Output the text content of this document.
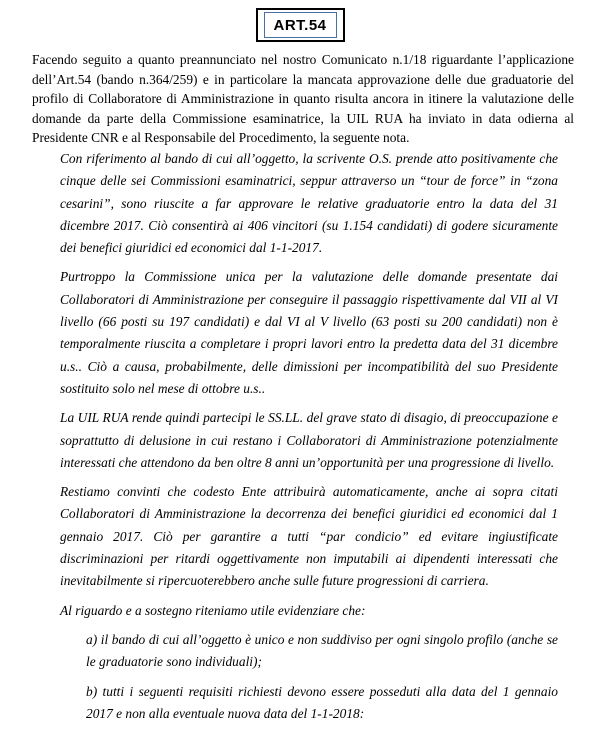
ART.54

Facendo seguito a quanto preannunciato nel nostro Comunicato n.1/18 riguardante l’applicazione dell’Art.54 (bando n.364/259) e in particolare la mancata approvazione delle due graduatorie del profilo di Collaboratore di Amministrazione in quanto risulta ancora in itinere la valutazione delle domande da parte della Commissione esaminatrice, la UIL RUA ha inviato in data odierna al Presidente CNR e al Responsabile del Procedimento, la seguente nota.

Con riferimento al bando di cui all’oggetto, la scrivente O.S. prende atto positivamente che cinque delle sei Commissioni esaminatrici, seppur attraverso un “tour de force” in “zona cesarini”, sono riuscite a far approvare le relative graduatorie entro la data del 31 dicembre 2017. Ciò consentirà ai 406 vincitori (su 1.154 candidati) di godere sicuramente dei benefici giuridici ed economici dal 1-1-2017.

Purtroppo la Commissione unica per la valutazione delle domande presentate dai Collaboratori di Amministrazione per conseguire il passaggio rispettivamente dal VII al VI livello (66 posti su 197 candidati) e dal VI al V livello (63 posti su 200 candidati) non è temporalmente riuscita a completare i propri lavori entro la predetta data del 31 dicembre u.s.. Ciò a causa, probabilmente, delle dimissioni per incompatibilità del suo Presidente sostituito solo nel mese di ottobre u.s..

La UIL RUA rende quindi partecipi le SS.LL. del grave stato di disagio, di preoccupazione e soprattutto di delusione in cui restano i Collaboratori di Amministrazione potenzialmente interessati che attendono da ben oltre 8 anni un’opportunità per una progressione di livello.

Restiamo convinti che codesto Ente attribuirà automaticamente, anche ai sopra citati Collaboratori di Amministrazione la decorrenza dei benefici giuridici ed economici dal 1 gennaio 2017. Ciò per garantire a tutti “par condicio” ed evitare ingiustificate discriminazioni per ritardi oggettivamente non imputabili ai dipendenti interessati che inevitabilmente si ripercuoterebbero anche sulle future progressioni di carriera.

Al riguardo e a sostegno riteniamo utile evidenziare che:

a) il bando di cui all’oggetto è unico e non suddiviso per ogni singolo profilo (anche se le graduatorie sono individuali);

b) tutti i seguenti requisiti richiesti devono essere posseduti alla data del 1 gennaio 2017 e non alla eventuale nuova data del 1-1-2018:
